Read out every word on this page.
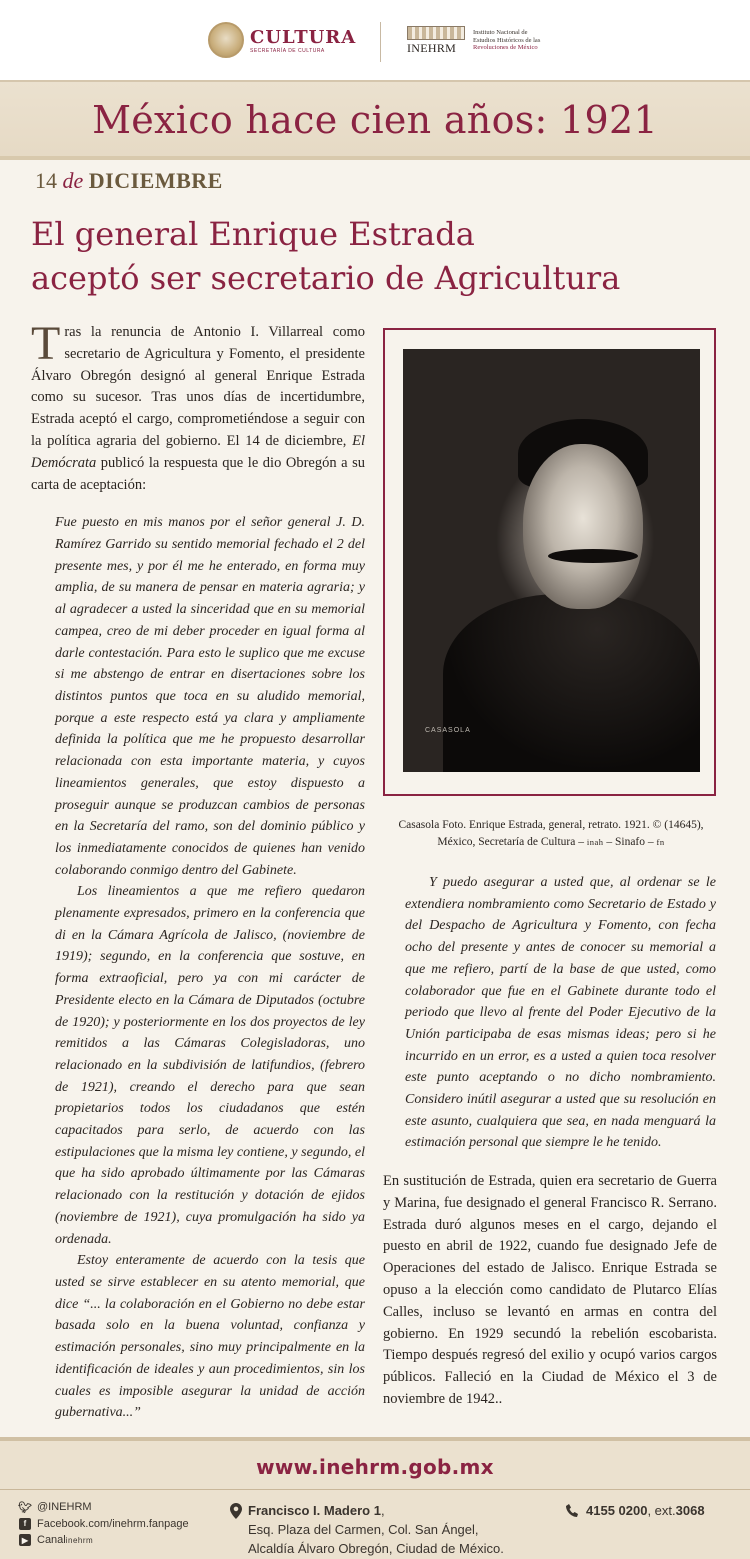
CULTURA
SECRETARÍA DE CULTURA	INEHRM
Instituto Nacional de
Estudios Históricos de las
Revoluciones de México
México hace cien años: 1921
14 de DICIEMBRE
El general Enrique Estrada
aceptó ser secretario de Agricultura

Tras la renuncia de Antonio I. Villarreal como secretario de Agricultura y Fomento, el presidente Álvaro Obregón designó al general Enrique Estrada como su sucesor. Tras unos días de incertidumbre, Estrada aceptó el cargo, comprometiéndose a seguir con la política agraria del gobierno. El 14 de diciembre, El Demócrata publicó la respuesta que le dio Obregón a su carta de aceptación:

Fue puesto en mis manos por el señor general J. D. Ramírez Garrido su sentido memorial fechado el 2 del presente mes, y por él me he enterado, en forma muy amplia, de su manera de pensar en materia agraria; y al agradecer a usted la sinceridad que en su memorial campea, creo de mi deber proceder en igual forma al darle contestación. Para esto le suplico que me excuse si me abstengo de entrar en disertaciones sobre los distintos puntos que toca en su aludido memorial, porque a este respecto está ya clara y ampliamente definida la política que me he propuesto desarrollar relacionada con esta importante materia, y cuyos lineamientos generales, que estoy dispuesto a proseguir aunque se produzcan cambios de personas en la Secretaría del ramo, son del dominio público y los inmediatamente conocidos de quienes han venido colaborando conmigo dentro del Gabinete.

Los lineamientos a que me refiero quedaron plenamente expresados, primero en la conferencia que di en la Cámara Agrícola de Jalisco, (noviembre de 1919); segundo, en la conferencia que sostuve, en forma extraoficial, pero ya con mi carácter de Presidente electo en la Cámara de Diputados (octubre de 1920); y posteriormente en los dos proyectos de ley remitidos a las Cámaras Colegisladoras, uno relacionado en la subdivisión de latifundios, (febrero de 1921), creando el derecho para que sean propietarios todos los ciudadanos que estén capacitados para serlo, de acuerdo con las estipulaciones que la misma ley contiene, y segundo, el que ha sido aprobado últimamente por las Cámaras relacionado con la restitución y dotación de ejidos (noviembre de 1921), cuya promulgación ha sido ya ordenada.

Estoy enteramente de acuerdo con la tesis que usted se sirve establecer en su atento memorial, que dice “... la colaboración en el Gobierno no debe estar basada solo en la buena voluntad, confianza y estimación personales, sino muy principalmente en la identificación de ideales y aun procedimientos, sin los cuales es imposible asegurar la unidad de acción gubernativa...”

CASASOLA
Casasola Foto. Enrique Estrada, general, retrato. 1921. © (14645),
México, Secretaría de Cultura – inah – Sinafo – fn

Y puedo asegurar a usted que, al ordenar se le extendiera nombramiento como Secretario de Estado y del Despacho de Agricultura y Fomento, con fecha ocho del presente y antes de conocer su memorial a que me refiero, partí de la base de que usted, como colaborador que fue en el Gabinete durante todo el periodo que llevo al frente del Poder Ejecutivo de la Unión participaba de esas mismas ideas; pero si he incurrido en un error, es a usted a quien toca resolver este punto aceptando o no dicho nombramiento. Considero inútil asegurar a usted que su resolución en este asunto, cualquiera que sea, en nada menguará la estimación personal que siempre le he tenido.

En sustitución de Estrada, quien era secretario de Guerra y Marina, fue designado el general Francisco R. Serrano. Estrada duró algunos meses en el cargo, dejando el puesto en abril de 1922, cuando fue designado Jefe de Operaciones del estado de Jalisco. Enrique Estrada se opuso a la elección como candidato de Plutarco Elías Calles, incluso se levantó en armas en contra del gobierno. En 1929 secundó la rebelión escobarista. Tiempo después regresó del exilio y ocupó varios cargos públicos. Falleció en la Ciudad de México el 3 de noviembre de 1942..

www.inehrm.gob.mx
🐦︎ @INEHRM
f Facebook.com/inehrm.fanpage
▶ Canal inehrm
Francisco I. Madero 1,
Esq. Plaza del Carmen, Col. San Ángel,
Alcaldía Álvaro Obregón, Ciudad de México.
4155 0200 , ext. 3068
